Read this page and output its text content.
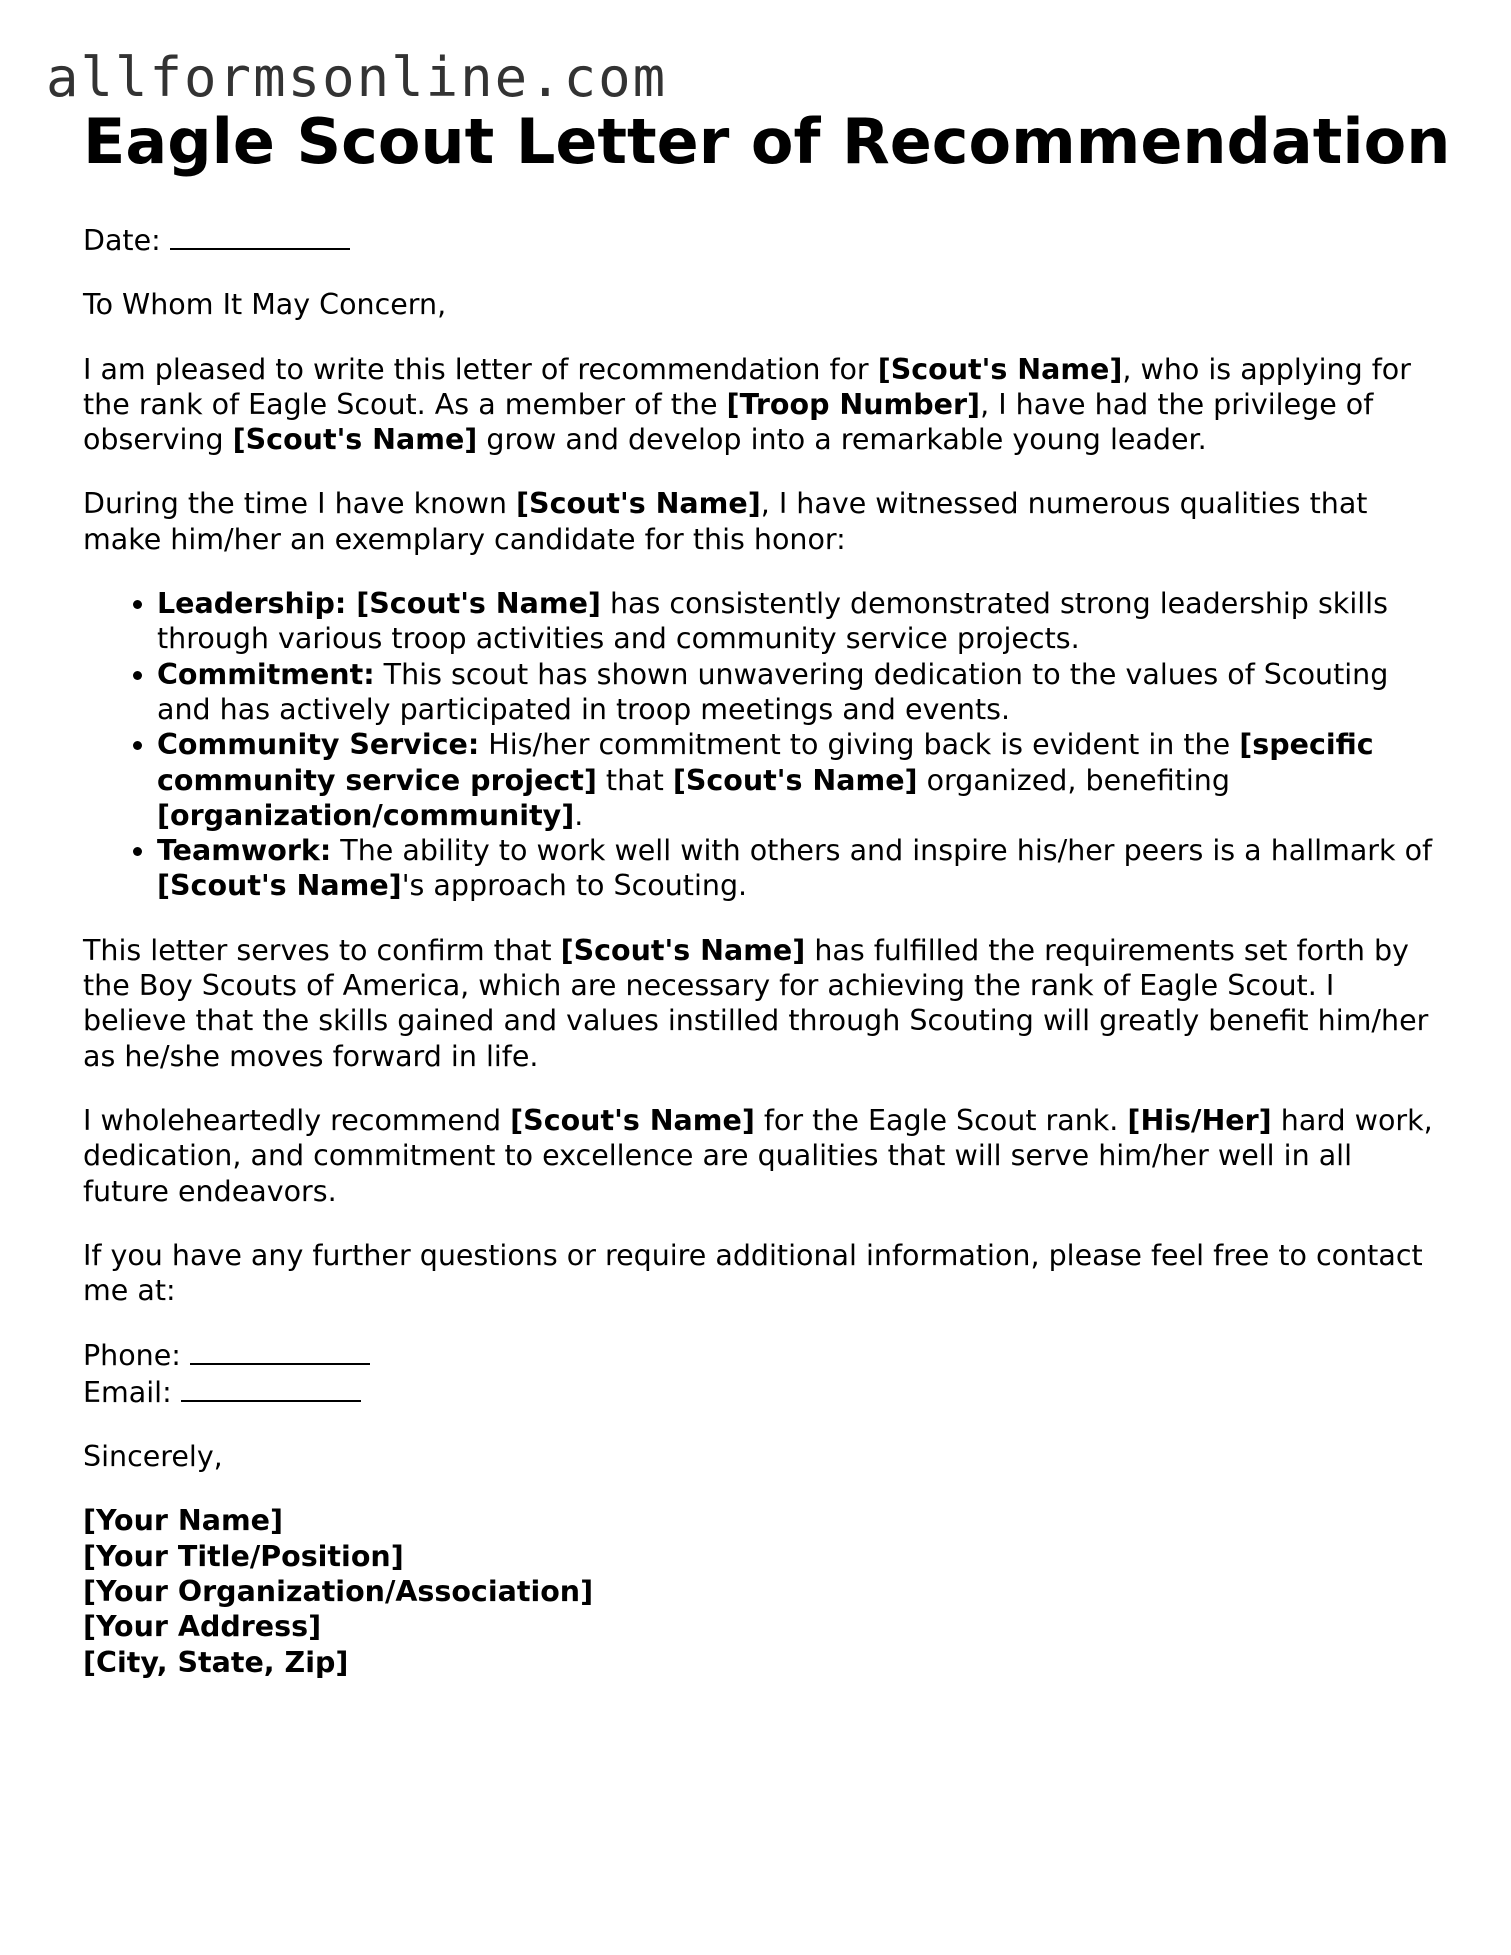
allformsonline.com
Eagle Scout Letter of Recommendation

Date:

To Whom It May Concern,

I am pleased to write this letter of recommendation for [Scout's Name], who is applying for the rank of Eagle Scout. As a member of the [Troop Number], I have had the privilege of observing [Scout's Name] grow and develop into a remarkable young leader.

During the time I have known [Scout's Name], I have witnessed numerous qualities that make him/her an exemplary candidate for this honor:

• Leadership: [Scout's Name] has consistently demonstrated strong leadership skills through various troop activities and community service projects.
• Commitment: This scout has shown unwavering dedication to the values of Scouting and has actively participated in troop meetings and events.
• Community Service: His/her commitment to giving back is evident in the [specific community service project] that [Scout's Name] organized, benefiting [organization/community].
• Teamwork: The ability to work well with others and inspire his/her peers is a hallmark of [Scout's Name]'s approach to Scouting.

This letter serves to confirm that [Scout's Name] has fulfilled the requirements set forth by the Boy Scouts of America, which are necessary for achieving the rank of Eagle Scout. I believe that the skills gained and values instilled through Scouting will greatly benefit him/her as he/she moves forward in life.

I wholeheartedly recommend [Scout's Name] for the Eagle Scout rank. [His/Her] hard work, dedication, and commitment to excellence are qualities that will serve him/her well in all future endeavors.

If you have any further questions or require additional information, please feel free to contact me at:

Phone:
Email:

Sincerely,

[Your Name]
[Your Title/Position]
[Your Organization/Association]
[Your Address]
[City, State, Zip]
